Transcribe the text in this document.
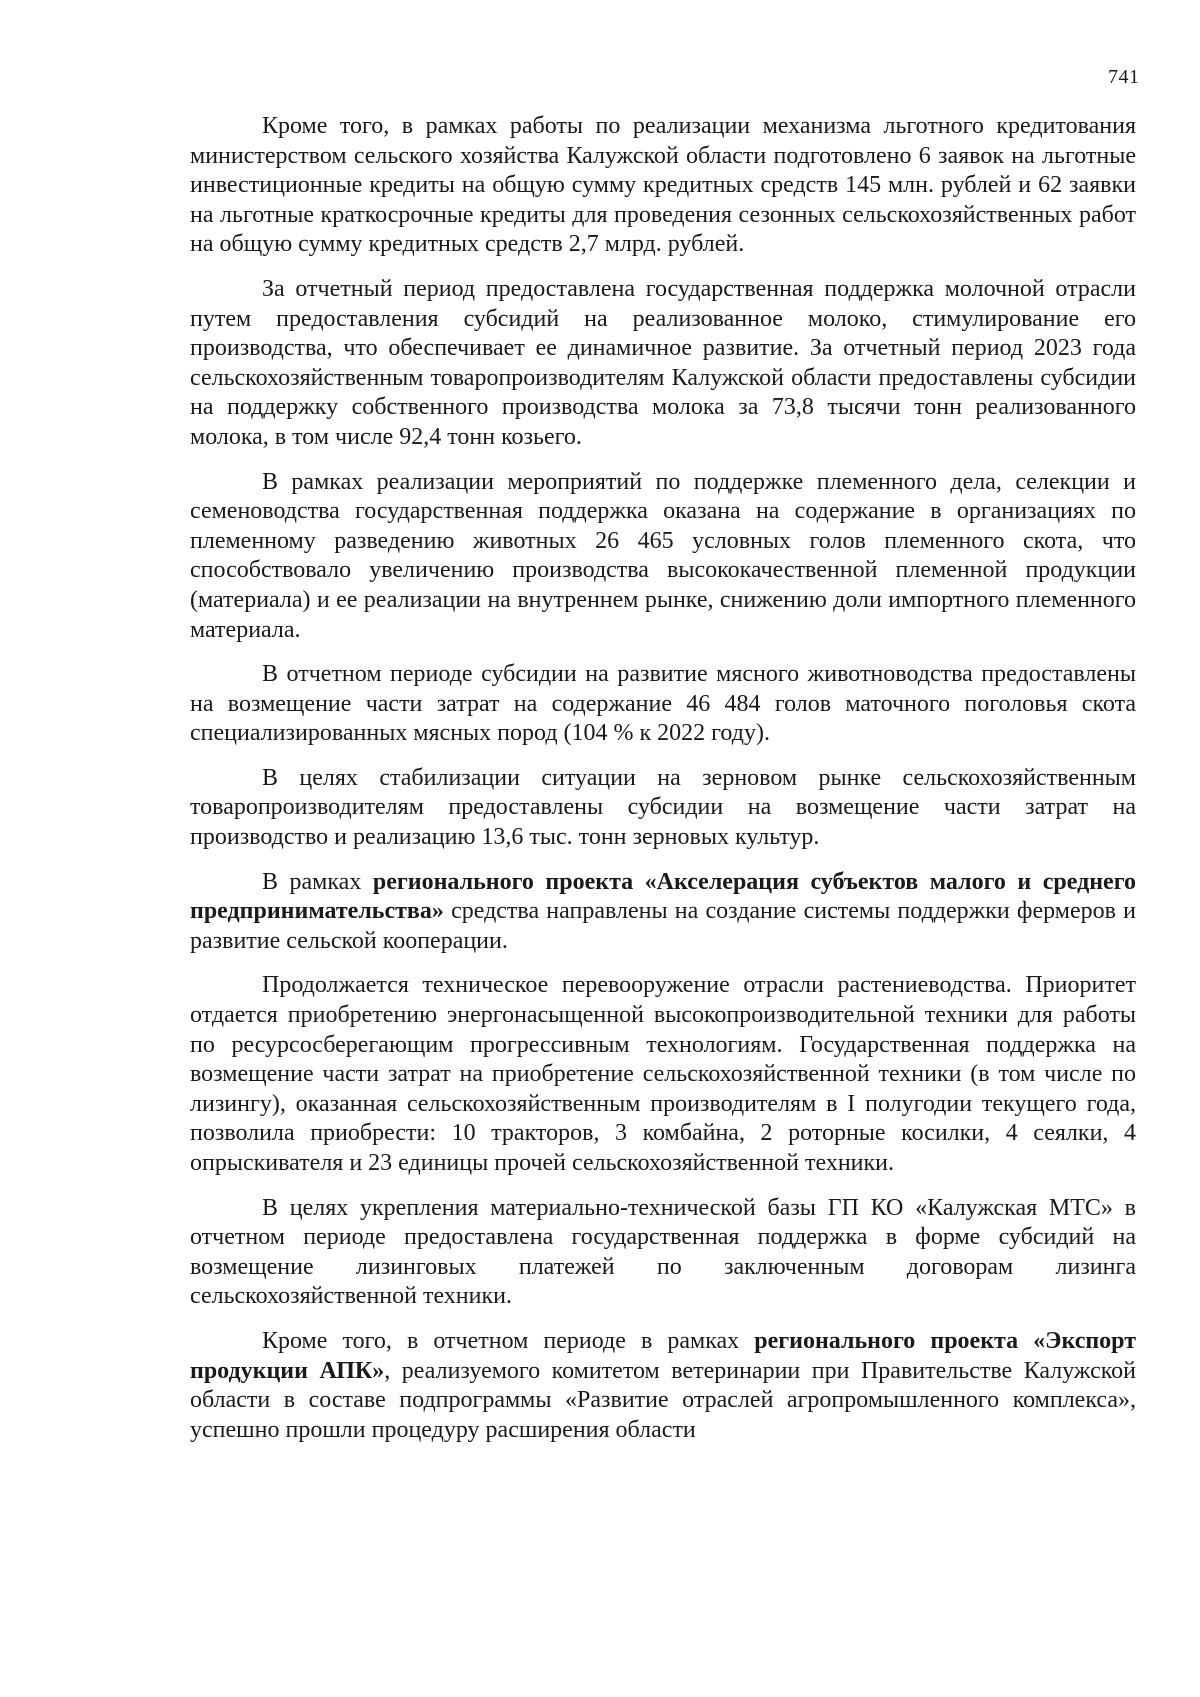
741

Кроме того, в рамках работы по реализации механизма льготного кредитования министерством сельского хозяйства Калужской области подготовлено 6 заявок на льготные инвестиционные кредиты на общую сумму кредитных средств 145 млн. рублей и 62 заявки на льготные краткосрочные кредиты для проведения сезонных сельскохозяйственных работ на общую сумму кредитных средств 2,7 млрд. рублей.

За отчетный период предоставлена государственная поддержка молочной отрасли путем предоставления субсидий на реализованное молоко, стимулирование его производства, что обеспечивает ее динамичное развитие. За отчетный период 2023 года сельскохозяйственным товаропроизводителям Калужской области предоставлены субсидии на поддержку собственного производства молока за 73,8 тысячи тонн реализованного молока, в том числе 92,4 тонн козьего.

В рамках реализации мероприятий по поддержке племенного дела, селекции и семеноводства государственная поддержка оказана на содержание в организациях по племенному разведению животных 26 465 условных голов племенного скота, что способствовало увеличению производства высококачественной племенной продукции (материала) и ее реализации на внутреннем рынке, снижению доли импортного племенного материала.

В отчетном периоде субсидии на развитие мясного животноводства предоставлены на возмещение части затрат на содержание 46 484 голов маточного поголовья скота специализированных мясных пород (104 % к 2022 году).

В целях стабилизации ситуации на зерновом рынке сельскохозяйственным товаропроизводителям предоставлены субсидии на возмещение части затрат на производство и реализацию 13,6 тыс. тонн зерновых культур.

В рамках регионального проекта «Акселерация субъектов малого и среднего предпринимательства» средства направлены на создание системы поддержки фермеров и развитие сельской кооперации.

Продолжается техническое перевооружение отрасли растениеводства. Приоритет отдается приобретению энергонасыщенной высокопроизводительной техники для работы по ресурсосберегающим прогрессивным технологиям. Государственная поддержка на возмещение части затрат на приобретение сельскохозяйственной техники (в том числе по лизингу), оказанная сельскохозяйственным производителям в I полугодии текущего года, позволила приобрести: 10 тракторов, 3 комбайна, 2 роторные косилки, 4 сеялки, 4 опрыскивателя и 23 единицы прочей сельскохозяйственной техники.

В целях укрепления материально-технической базы ГП КО «Калужская МТС» в отчетном периоде предоставлена государственная поддержка в форме субсидий на возмещение лизинговых платежей по заключенным договорам лизинга сельскохозяйственной техники.

Кроме того, в отчетном периоде в рамках регионального проекта «Экспорт продукции АПК», реализуемого комитетом ветеринарии при Правительстве Калужской области в составе подпрограммы «Развитие отраслей агропромышленного комплекса», успешно прошли процедуру расширения области
